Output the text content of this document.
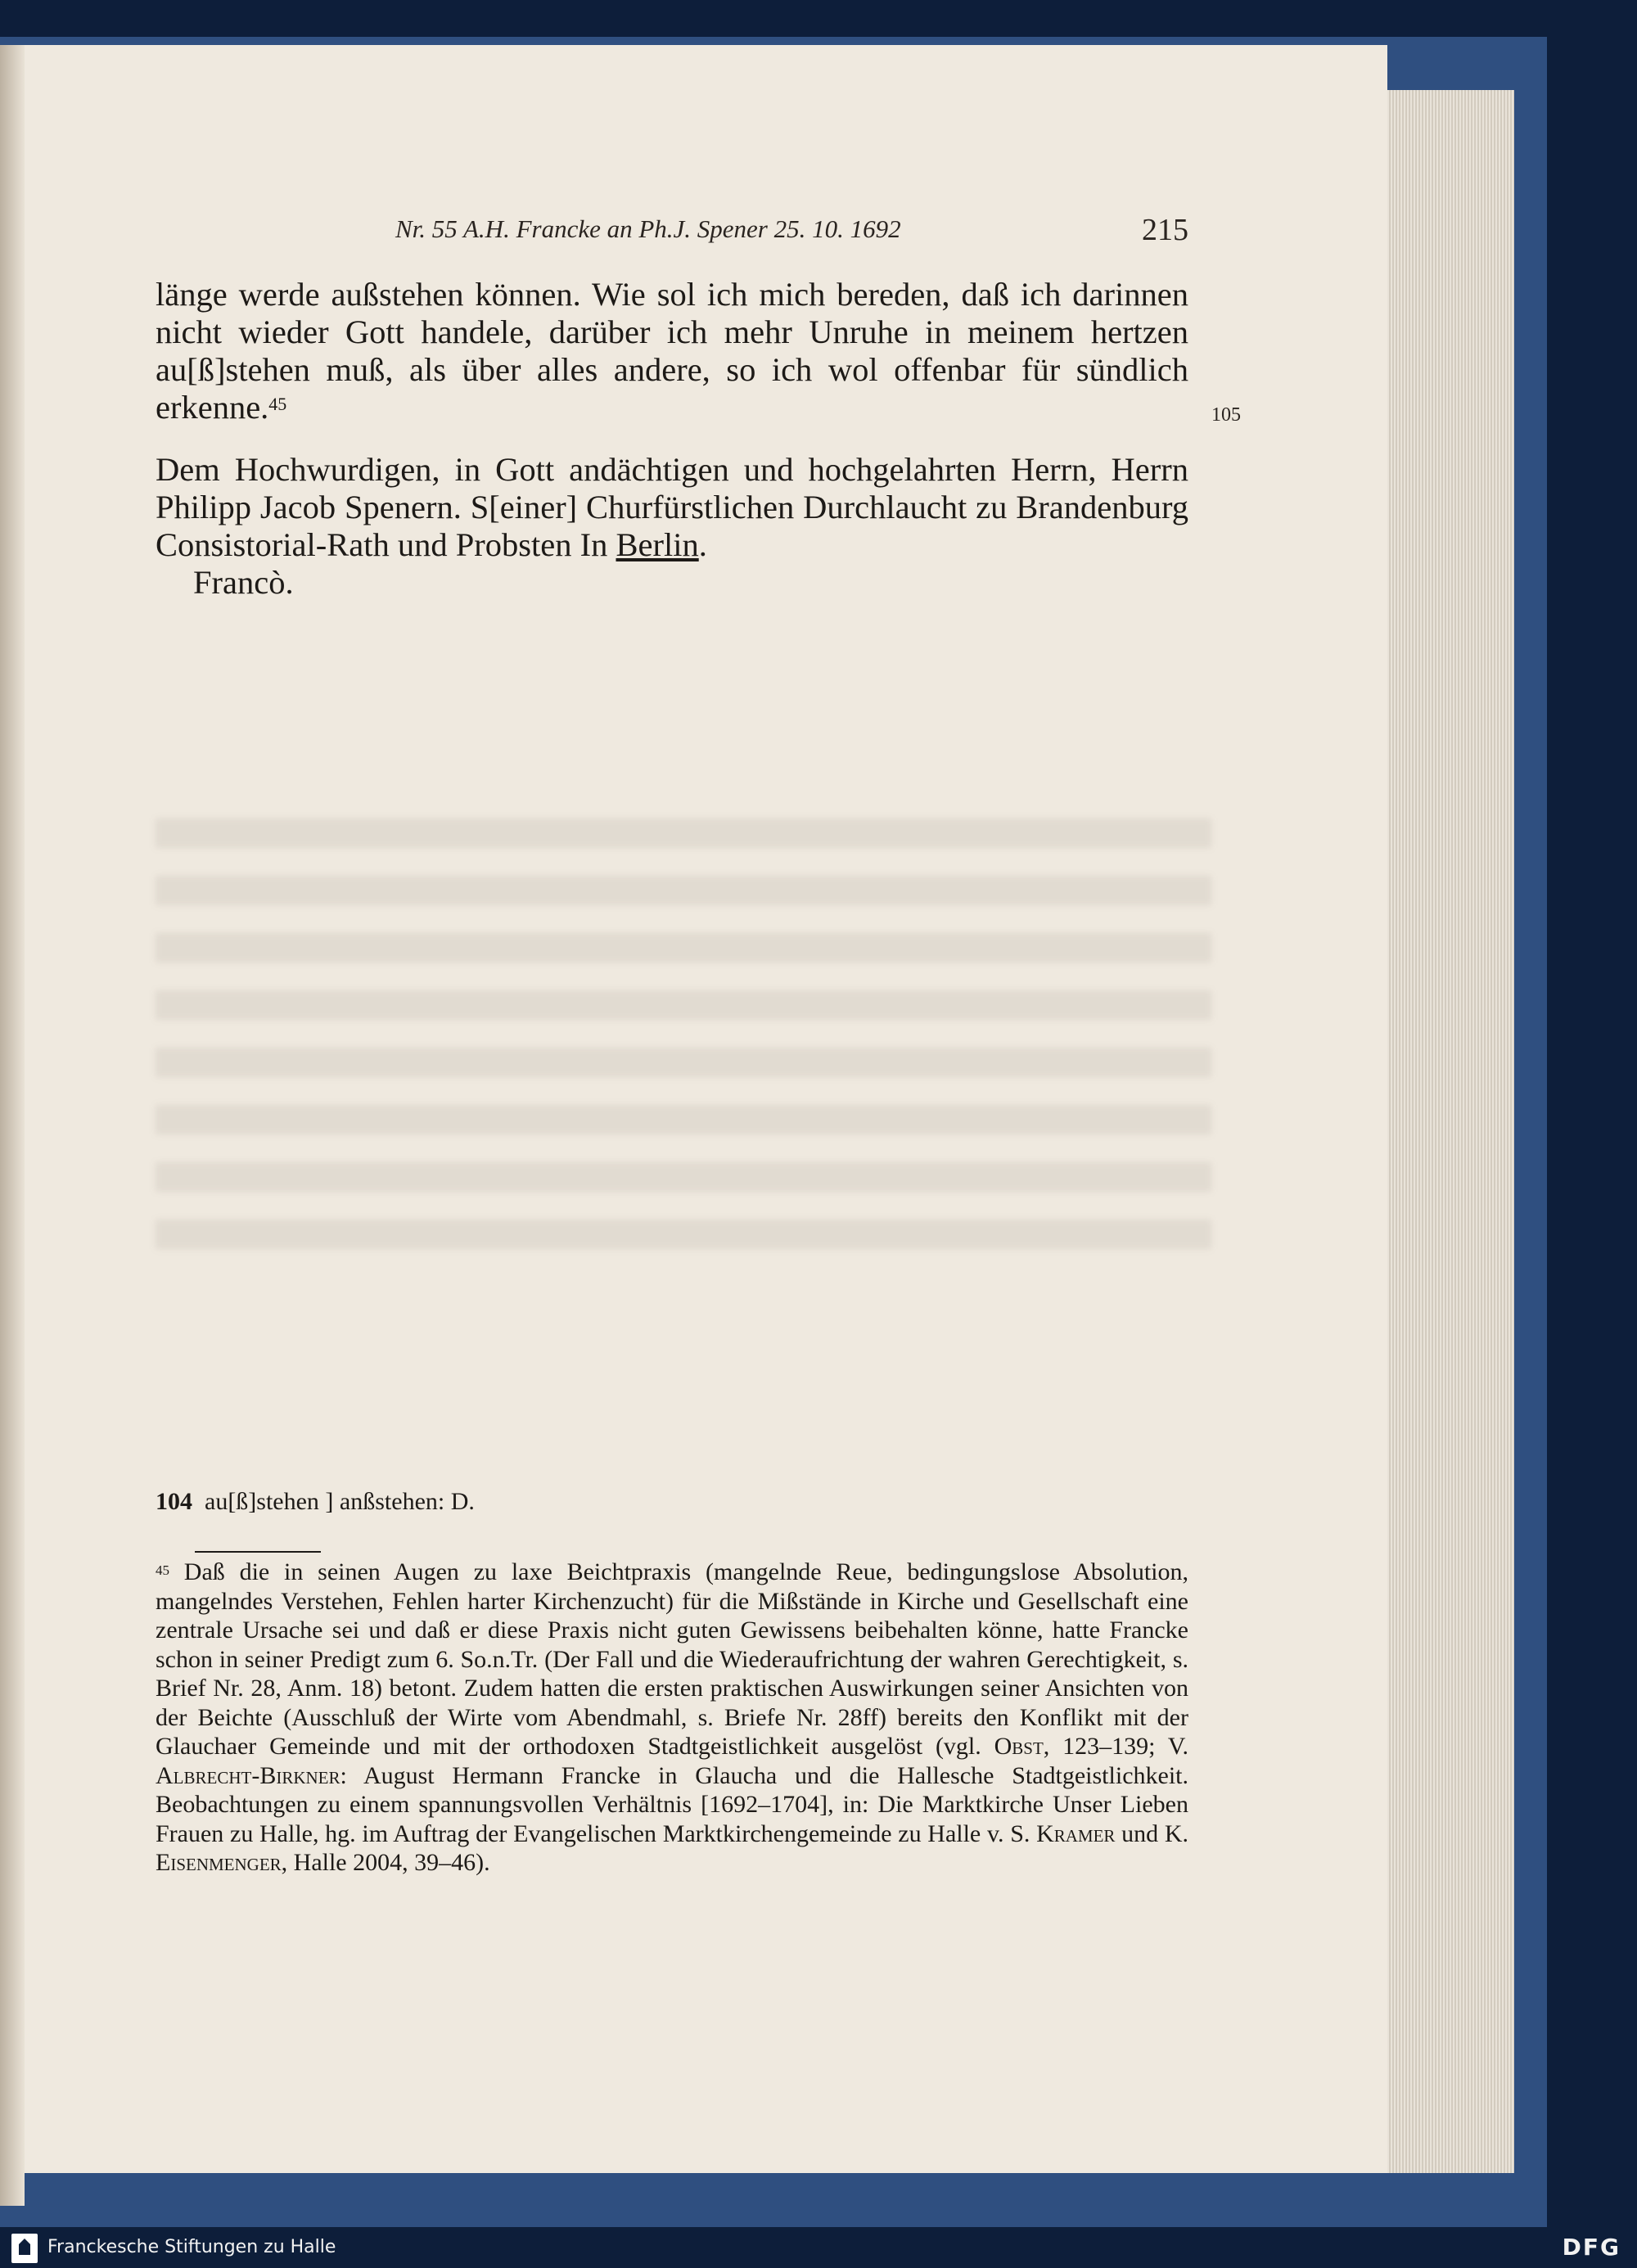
Nr. 55 A.H. Francke an Ph.J. Spener 25. 10. 1692	215

länge werde außstehen können. Wie sol ich mich bereden, daß ich darinnen nicht wieder Gott handele, darüber ich mehr Unruhe in meinem hertzen au[ß]stehen muß, als über alles andere, so ich wol offenbar für sündlich erkenne.$^{45}$

105

Dem Hochwurdigen, in Gott andächtigen und hochgelahrten Herrn, Herrn Philipp Jacob Spenern. S[einer] Churfürstlichen Durchlaucht zu Brandenburg Consistorial-Rath und Probsten In Berlin.

Francò.

104 au[ß]stehen ] anßstehen: D.

$^{45}$ Daß die in seinen Augen zu laxe Beichtpraxis (mangelnde Reue, bedingungslose Absolution, mangelndes Verstehen, Fehlen harter Kirchenzucht) für die Mißstände in Kirche und Gesellschaft eine zentrale Ursache sei und daß er diese Praxis nicht guten Gewissens beibehalten könne, hatte Francke schon in seiner Predigt zum 6. So.n.Tr. (Der Fall und die Wiederaufrichtung der wahren Gerechtigkeit, s. Brief Nr. 28, Anm. 18) betont. Zudem hatten die ersten praktischen Auswirkungen seiner Ansichten von der Beichte (Ausschluß der Wirte vom Abendmahl, s. Briefe Nr. 28ff) bereits den Konflikt mit der Glauchaer Gemeinde und mit der orthodoxen Stadtgeistlichkeit ausgelöst (vgl. Obst, 123–139; V. Albrecht-Birkner: August Hermann Francke in Glaucha und die Hallesche Stadtgeistlichkeit. Beobachtungen zu einem spannungsvollen Verhältnis [1692–1704], in: Die Marktkirche Unser Lieben Frauen zu Halle, hg. im Auftrag der Evangelischen Marktkirchengemeinde zu Halle v. S. Kramer und K. Eisenmenger, Halle 2004, 39–46).

Franckesche Stiftungen zu Halle	DFG
